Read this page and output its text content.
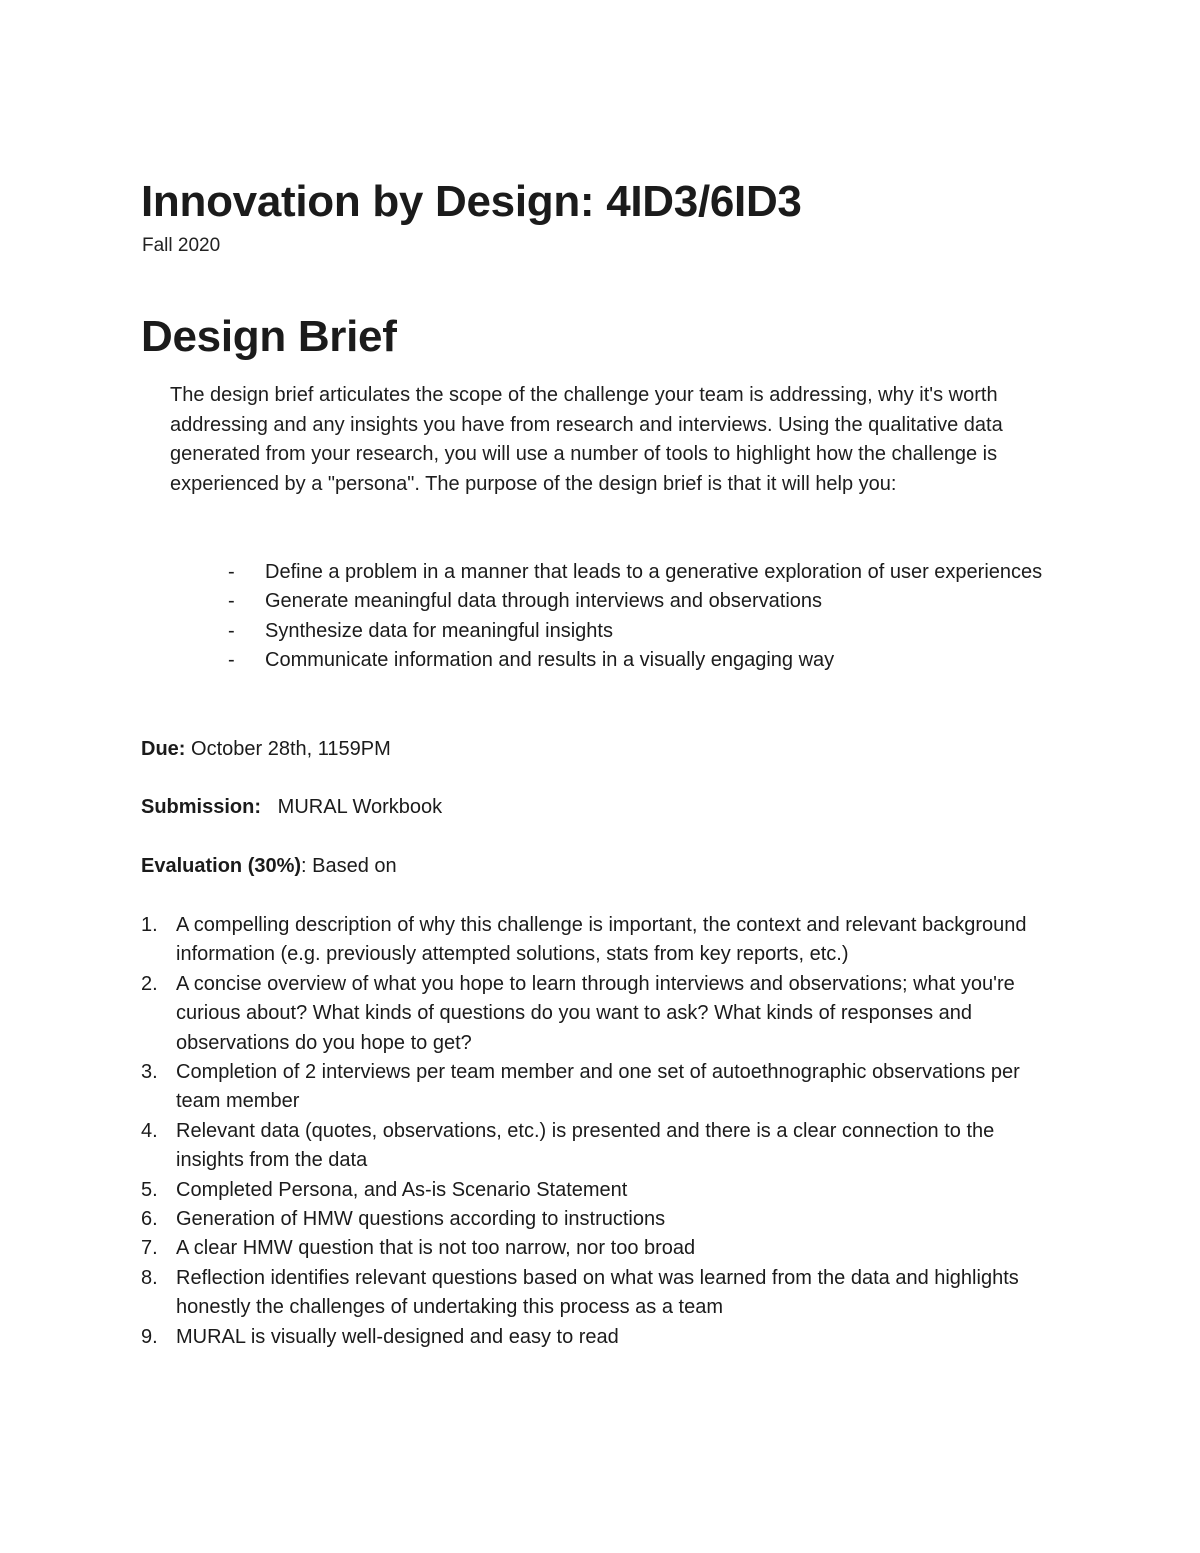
Innovation by Design: 4ID3/6ID3
Fall 2020
Design Brief

The design brief articulates the scope of the challenge your team is addressing, why it's worth addressing and any insights you have from research and interviews. Using the qualitative data generated from your research, you will use a number of tools to highlight how the challenge is experienced by a "persona". The purpose of the design brief is that it will help you:

- Define a problem in a manner that leads to a generative exploration of user experiences
- Generate meaningful data through interviews and observations
- Synthesize data for meaningful insights
- Communicate information and results in a visually engaging way
Due: October 28th, 1159PM
Submission:   MURAL Workbook
Evaluation (30%): Based on
1. A compelling description of why this challenge is important, the context and relevant background information (e.g. previously attempted solutions, stats from key reports, etc.)
2. A concise overview of what you hope to learn through interviews and observations; what you're curious about? What kinds of questions do you want to ask? What kinds of responses and observations do you hope to get?
3. Completion of 2 interviews per team member and one set of autoethnographic observations per team member
4. Relevant data (quotes, observations, etc.) is presented and there is a clear connection to the insights from the data
5. Completed Persona, and As-is Scenario Statement
6. Generation of HMW questions according to instructions
7. A clear HMW question that is not too narrow, nor too broad
8. Reflection identifies relevant questions based on what was learned from the data and highlights honestly the challenges of undertaking this process as a team
9. MURAL is visually well-designed and easy to read
